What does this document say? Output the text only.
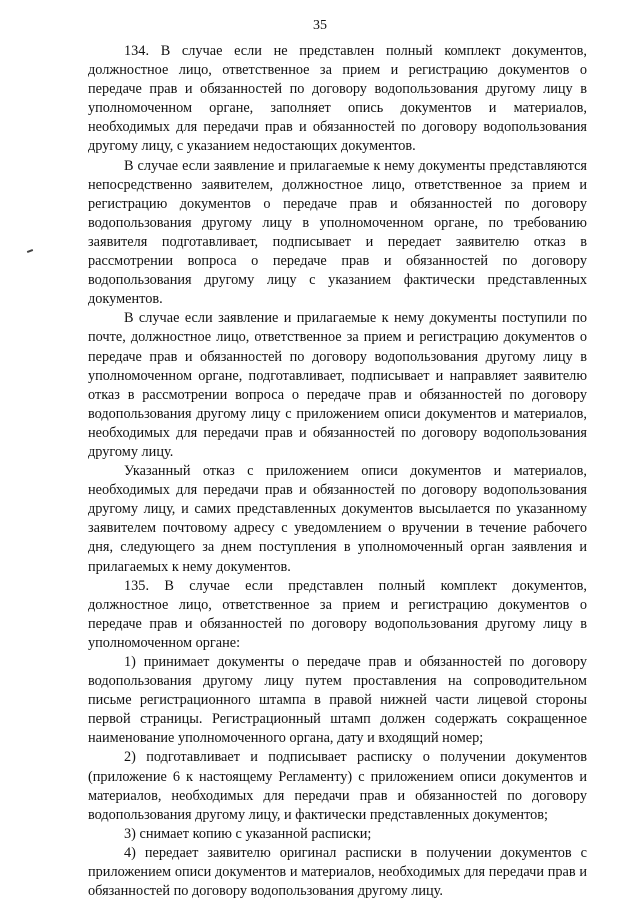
35

134. В случае если не представлен полный комплект документов, должностное лицо, ответственное за прием и регистрацию документов о передаче прав и обязанностей по договору водопользования другому лицу в уполномоченном органе, заполняет опись документов и материалов, необходимых для передачи прав и обязанностей по договору водопользования другому лицу, с указанием недостающих документов.

В случае если заявление и прилагаемые к нему документы представляются непосредственно заявителем, должностное лицо, ответственное за прием и регистрацию документов о передаче прав и обязанностей по договору водопользования другому лицу в уполномоченном органе, по требованию заявителя подготавливает, подписывает и передает заявителю отказ в рассмотрении вопроса о передаче прав и обязанностей по договору водопользования другому лицу с указанием фактически представленных документов.

В случае если заявление и прилагаемые к нему документы поступили по почте, должностное лицо, ответственное за прием и регистрацию документов о передаче прав и обязанностей по договору водопользования другому лицу в уполномоченном органе, подготавливает, подписывает и направляет заявителю отказ в рассмотрении вопроса о передаче прав и обязанностей по договору водопользования другому лицу с приложением описи документов и материалов, необходимых для передачи прав и обязанностей по договору водопользования другому лицу.

Указанный отказ с приложением описи документов и материалов, необходимых для передачи прав и обязанностей по договору водопользования другому лицу, и самих представленных документов высылается по указанному заявителем почтовому адресу с уведомлением о вручении в течение рабочего дня, следующего за днем поступления в уполномоченный орган заявления и прилагаемых к нему документов.

135. В случае если представлен полный комплект документов, должностное лицо, ответственное за прием и регистрацию документов о передаче прав и обязанностей по договору водопользования другому лицу в уполномоченном органе:

1) принимает документы о передаче прав и обязанностей по договору водопользования другому лицу путем проставления на сопроводительном письме регистрационного штампа в правой нижней части лицевой стороны первой страницы. Регистрационный штамп должен содержать сокращенное наименование уполномоченного органа, дату и входящий номер;

2) подготавливает и подписывает расписку о получении документов (приложение 6 к настоящему Регламенту) с приложением описи документов и материалов, необходимых для передачи прав и обязанностей по договору водопользования другому лицу, и фактически представленных документов;

3) снимает копию с указанной расписки;

4) передает заявителю оригинал расписки в получении документов с приложением описи документов и материалов, необходимых для передачи прав и обязанностей по договору водопользования другому лицу.
